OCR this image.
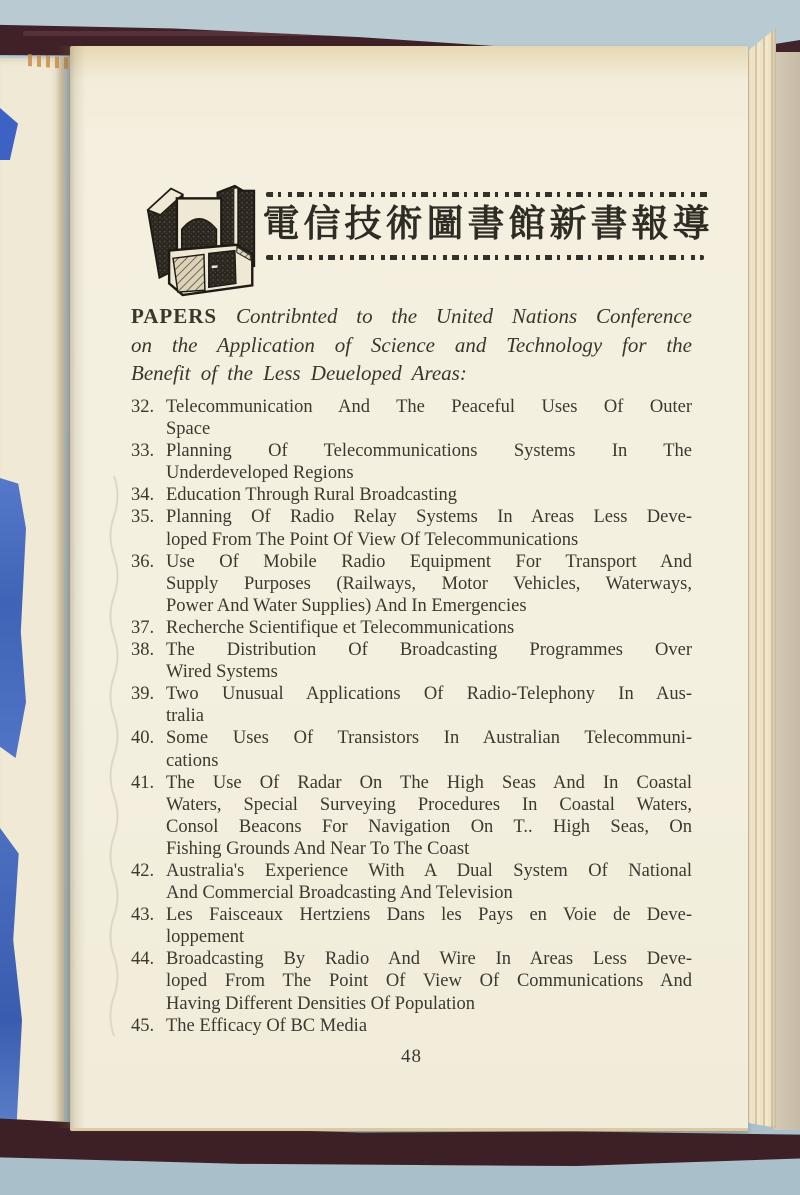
電信技術圖書館新書報導
PAPERS Contribnted to the United Nations Conference
on the Application of Science and Technology for the
Benefit of the Less Deueloped Areas:
32. Telecommunication And The Peaceful Uses Of Outer
Space
33. Planning Of Telecommunications Systems In The
Underdeveloped Regions
34. Education Through Rural Broadcasting
35. Planning Of Radio Relay Systems In Areas Less Deve-
loped From The Point Of View Of Telecommunications
36. Use Of Mobile Radio Equipment For Transport And
Supply Purposes (Railways, Motor Vehicles, Waterways,
Power And Water Supplies) And In Emergencies
37. Recherche Scientifique et Telecommunications
38. The Distribution Of Broadcasting Programmes Over
Wired Systems
39. Two Unusual Applications Of Radio-Telephony In Aus-
tralia
40. Some Uses Of Transistors In Australian Telecommuni-
cations
41. The Use Of Radar On The High Seas And In Coastal
Waters, Special Surveying Procedures In Coastal Waters,
Consol Beacons For Navigation On T.. High Seas, On
Fishing Grounds And Near To The Coast
42. Australia's Experience With A Dual System Of National
And Commercial Broadcasting And Television
43. Les Faisceaux Hertziens Dans les Pays en Voie de Deve-
loppement
44. Broadcasting By Radio And Wire In Areas Less Deve-
loped From The Point Of View Of Communications And
Having Different Densities Of Population
45. The Efficacy Of BC Media
48
